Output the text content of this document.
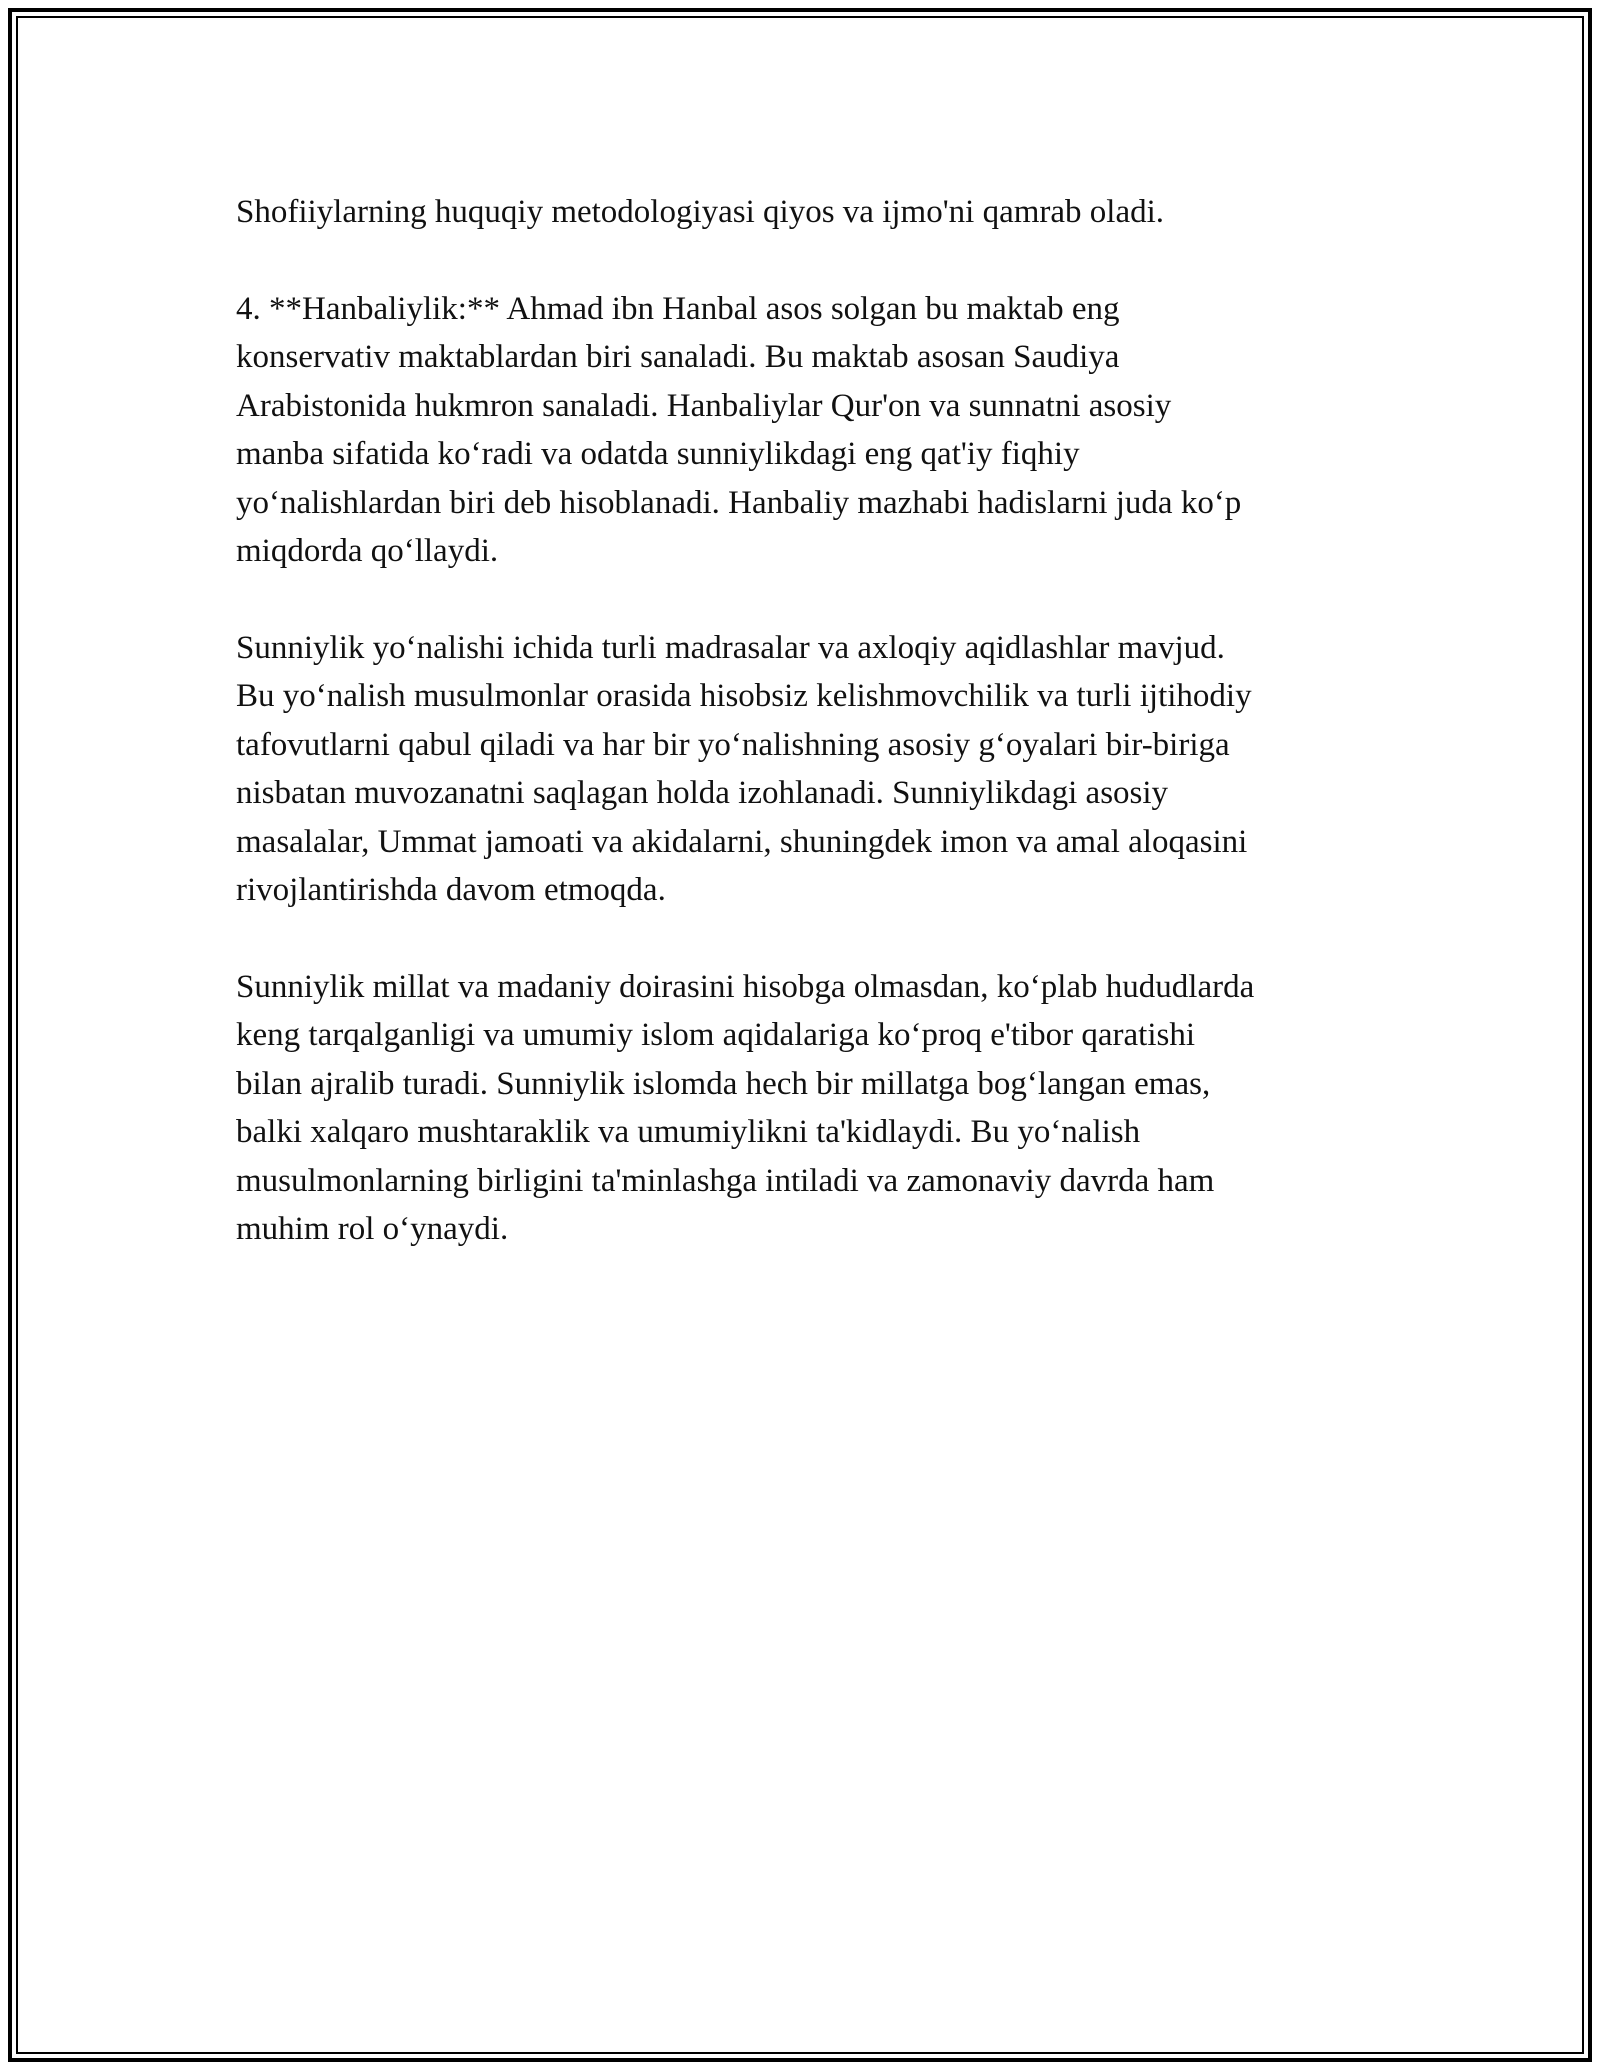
Shofiiylarning huquqiy metodologiyasi qiyos va ijmo'ni qamrab oladi.

4. **Hanbaliylik:** Ahmad ibn Hanbal asos solgan bu maktab eng
konservativ maktablardan biri sanaladi. Bu maktab asosan Saudiya
Arabistonida hukmron sanaladi. Hanbaliylar Qur'on va sunnatni asosiy
manba sifatida koʻradi va odatda sunniylikdagi eng qat'iy fiqhiy
yoʻnalishlardan biri deb hisoblanadi. Hanbaliy mazhabi hadislarni juda koʻp
miqdorda qoʻllaydi.

Sunniylik yoʻnalishi ichida turli madrasalar va axloqiy aqidlashlar mavjud.
Bu yoʻnalish musulmonlar orasida hisobsiz kelishmovchilik va turli ijtihodiy
tafovutlarni qabul qiladi va har bir yoʻnalishning asosiy gʻoyalari bir-biriga
nisbatan muvozanatni saqlagan holda izohlanadi. Sunniylikdagi asosiy
masalalar, Ummat jamoati va akidalarni, shuningdek imon va amal aloqasini
rivojlantirishda davom etmoqda.

Sunniylik millat va madaniy doirasini hisobga olmasdan, koʻplab hududlarda
keng tarqalganligi va umumiy islom aqidalariga koʻproq e'tibor qaratishi
bilan ajralib turadi. Sunniylik islomda hech bir millatga bogʻlangan emas,
balki xalqaro mushtaraklik va umumiylikni ta'kidlaydi. Bu yoʻnalish
musulmonlarning birligini ta'minlashga intiladi va zamonaviy davrda ham
muhim rol oʻynaydi.
